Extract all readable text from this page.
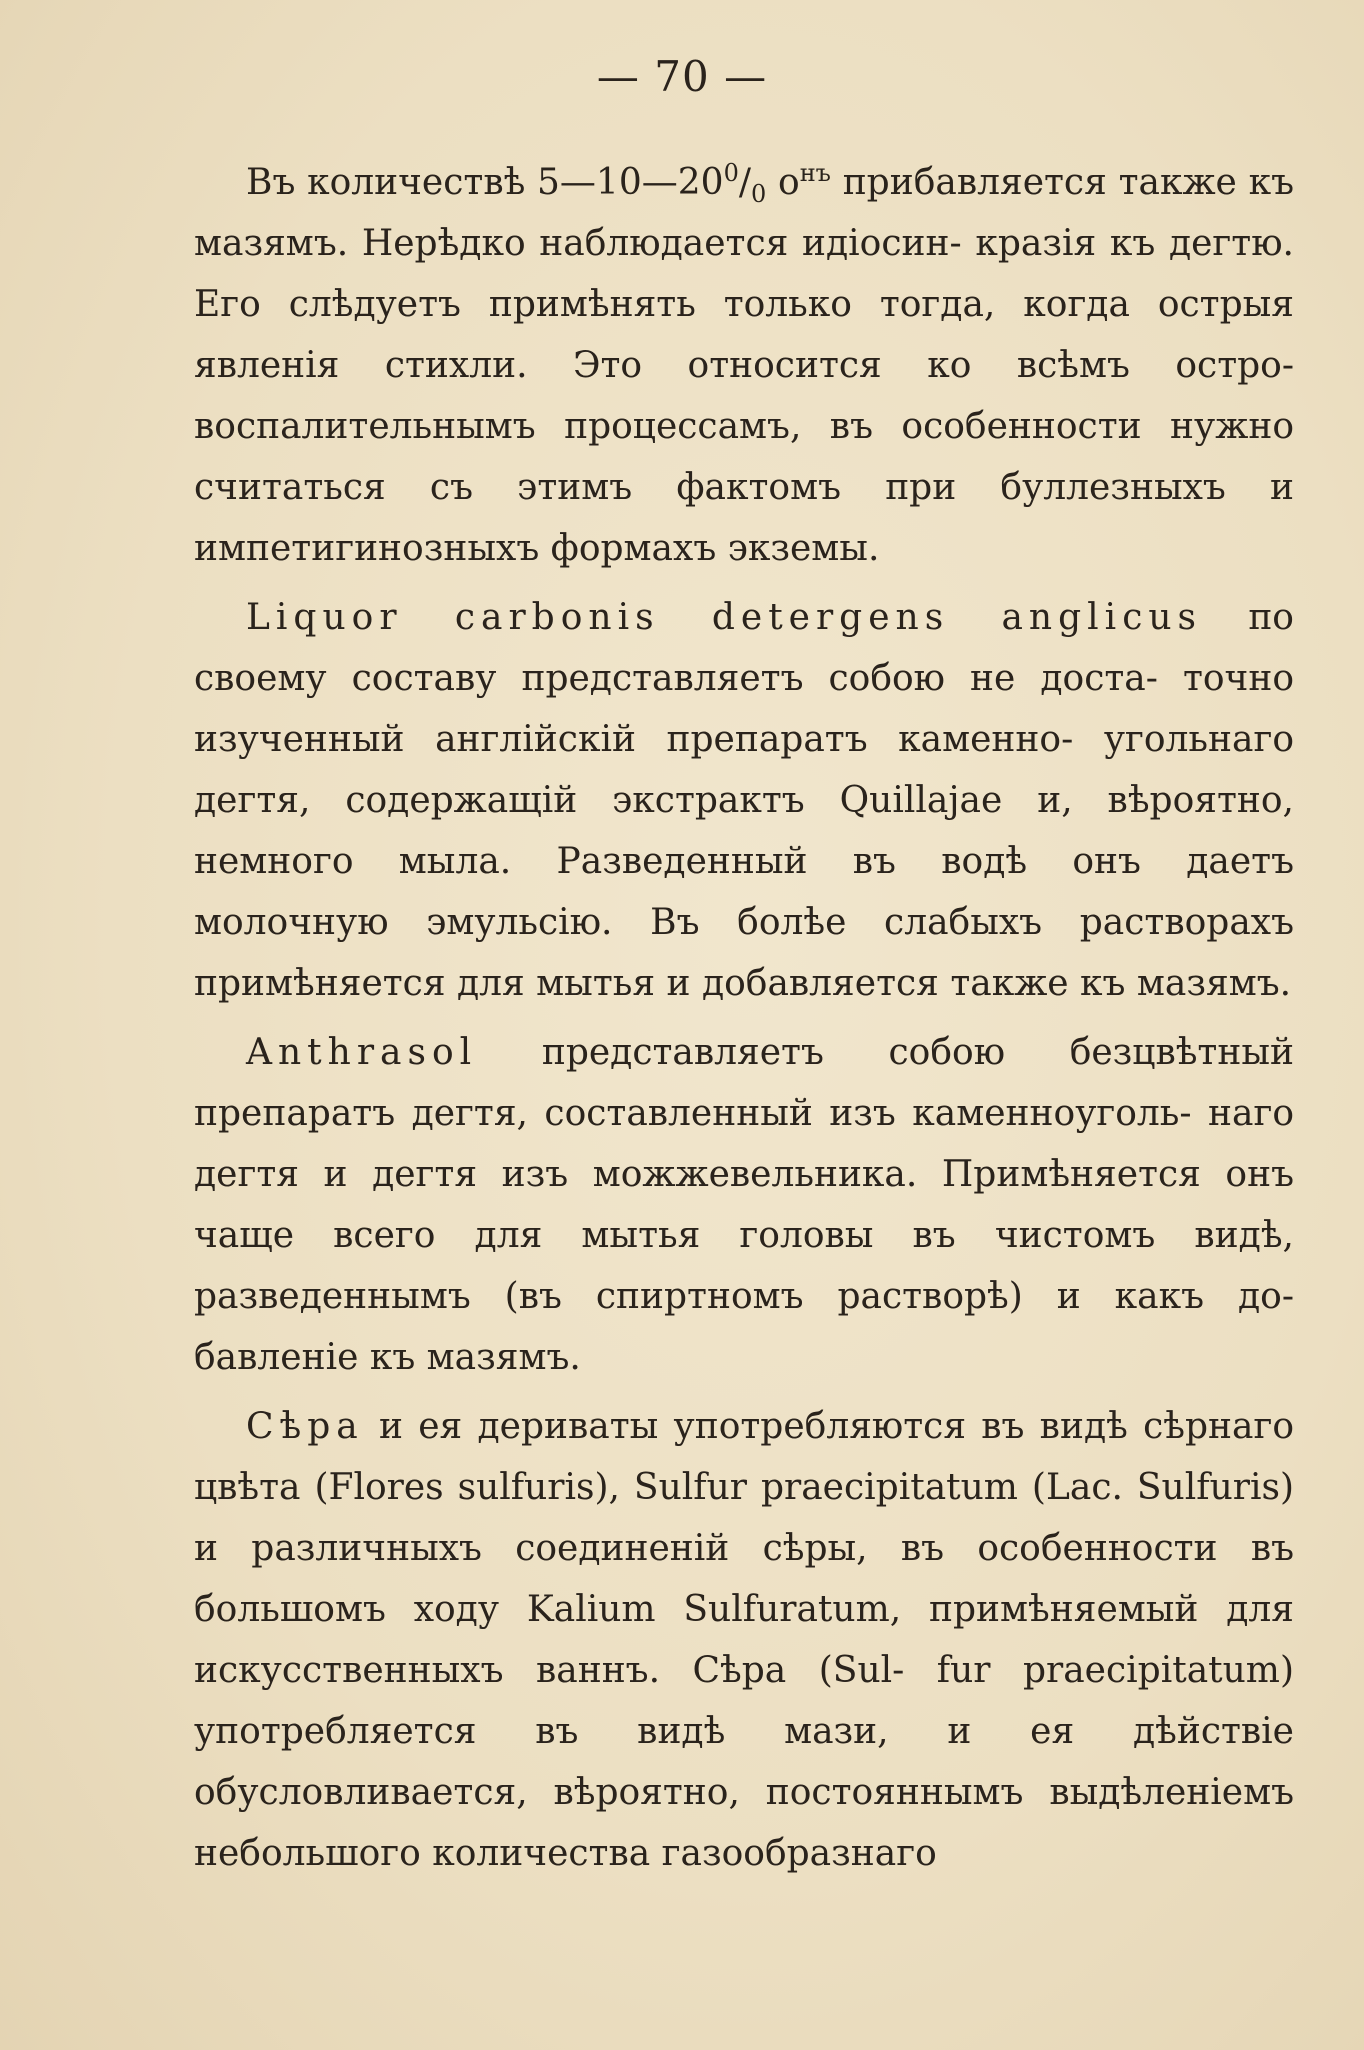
— 70 —

Въ количествѣ $5—10—20^0/_0$ $о^{нъ}$ прибавляется также къ мазямъ. Нерѣдко наблюдается идіосин- кразія къ дегтю. Его слѣдуетъ примѣнять только тогда, когда острыя явленія стихли. Это относится ко всѣмъ остро-воспалительнымъ процессамъ, въ особенности нужно считаться съ этимъ фактомъ при буллезныхъ и импетигинозныхъ формахъ экземы.

Liquor carbonis detergens anglicus по своему составу представляетъ собою не доста- точно изученный англійскій препаратъ каменно- угольнаго дегтя, содержащій экстрактъ Quillajae и, вѣроятно, немного мыла. Разведенный въ водѣ онъ даетъ молочную эмульсію. Въ болѣе слабыхъ растворахъ примѣняется для мытья и добавляется также къ мазямъ.

Anthrasol представляетъ собою безцвѣтный препаратъ дегтя, составленный изъ каменноуголь- наго дегтя и дегтя изъ можжевельника. Примѣняется онъ чаще всего для мытья головы въ чистомъ видѣ, разведеннымъ (въ спиртномъ растворѣ) и какъ до- бавленіе къ мазямъ.

Сѣра и ея дериваты употребляются въ видѣ сѣрнаго цвѣта (Flores sulfuris), Sulfur praecipitatum (Lac. Sulfuris) и различныхъ соединеній сѣры, въ особенности въ большомъ ходу Kalium Sulfuratum, примѣняемый для искусственныхъ ваннъ. Сѣра (Sul- fur praecipitatum) употребляется въ видѣ мази, и ея дѣйствіе обусловливается, вѣроятно, постояннымъ выдѣленіемъ небольшого количества газообразнаго
